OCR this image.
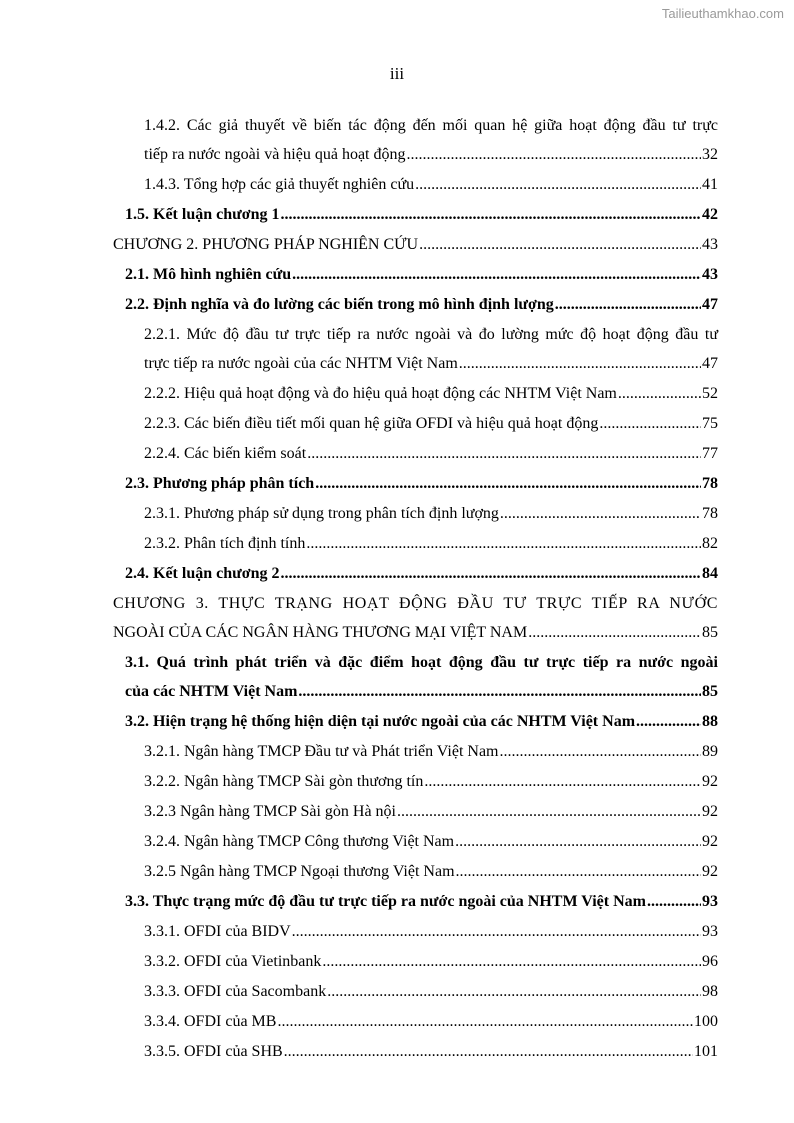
Tailieuthamkhao.com
iii
1.4.2. Các giả thuyết về biến tác động đến mối quan hệ giữa hoạt động đầu tư trực
tiếp ra nước ngoài và hiệu quả hoạt động .....	32
1.4.3. Tổng hợp các giả thuyết nghiên cứu .....	41
1.5. Kết luận chương 1 .....	42
CHƯƠNG 2. PHƯƠNG PHÁP NGHIÊN CỨU .....	43
2.1. Mô hình nghiên cứu .....	43
2.2. Định nghĩa và đo lường các biến trong mô hình định lượng .....	47
2.2.1. Mức độ đầu tư trực tiếp ra nước ngoài và đo lường mức độ hoạt động đầu tư
trực tiếp ra nước ngoài của các NHTM Việt Nam .....	47
2.2.2. Hiệu quả hoạt động và đo hiệu quả hoạt động các NHTM Việt Nam .....	52
2.2.3. Các biến điều tiết mối quan hệ giữa OFDI và hiệu quả hoạt động .....	75
2.2.4. Các biến kiểm soát .....	77
2.3. Phương pháp phân tích .....	78
2.3.1. Phương pháp sử dụng trong phân tích định lượng .....	78
2.3.2. Phân tích định tính .....	82
2.4. Kết luận chương 2 .....	84
CHƯƠNG 3. THỰC TRẠNG HOẠT ĐỘNG ĐẦU TƯ TRỰC TIẾP RA NƯỚC
NGOÀI CỦA CÁC NGÂN HÀNG THƯƠNG MẠI VIỆT NAM .....	85
3.1. Quá trình phát triển và đặc điểm hoạt động đầu tư trực tiếp ra nước ngoài
của các NHTM Việt Nam .....	85
3.2. Hiện trạng hệ thống hiện diện tại nước ngoài của các NHTM Việt Nam .....	88
3.2.1. Ngân hàng TMCP Đầu tư và Phát triển Việt Nam .....	89
3.2.2. Ngân hàng TMCP Sài gòn thương tín .....	92
3.2.3 Ngân hàng TMCP Sài gòn Hà nội .....	92
3.2.4. Ngân hàng TMCP Công thương Việt Nam .....	92
3.2.5 Ngân hàng TMCP Ngoại thương Việt Nam .....	92
3.3. Thực trạng mức độ đầu tư trực tiếp ra nước ngoài của NHTM Việt Nam .....	93
3.3.1. OFDI của BIDV .....	93
3.3.2. OFDI của Vietinbank .....	96
3.3.3. OFDI của Sacombank .....	98
3.3.4. OFDI của MB .....	100
3.3.5. OFDI của SHB .....	101
